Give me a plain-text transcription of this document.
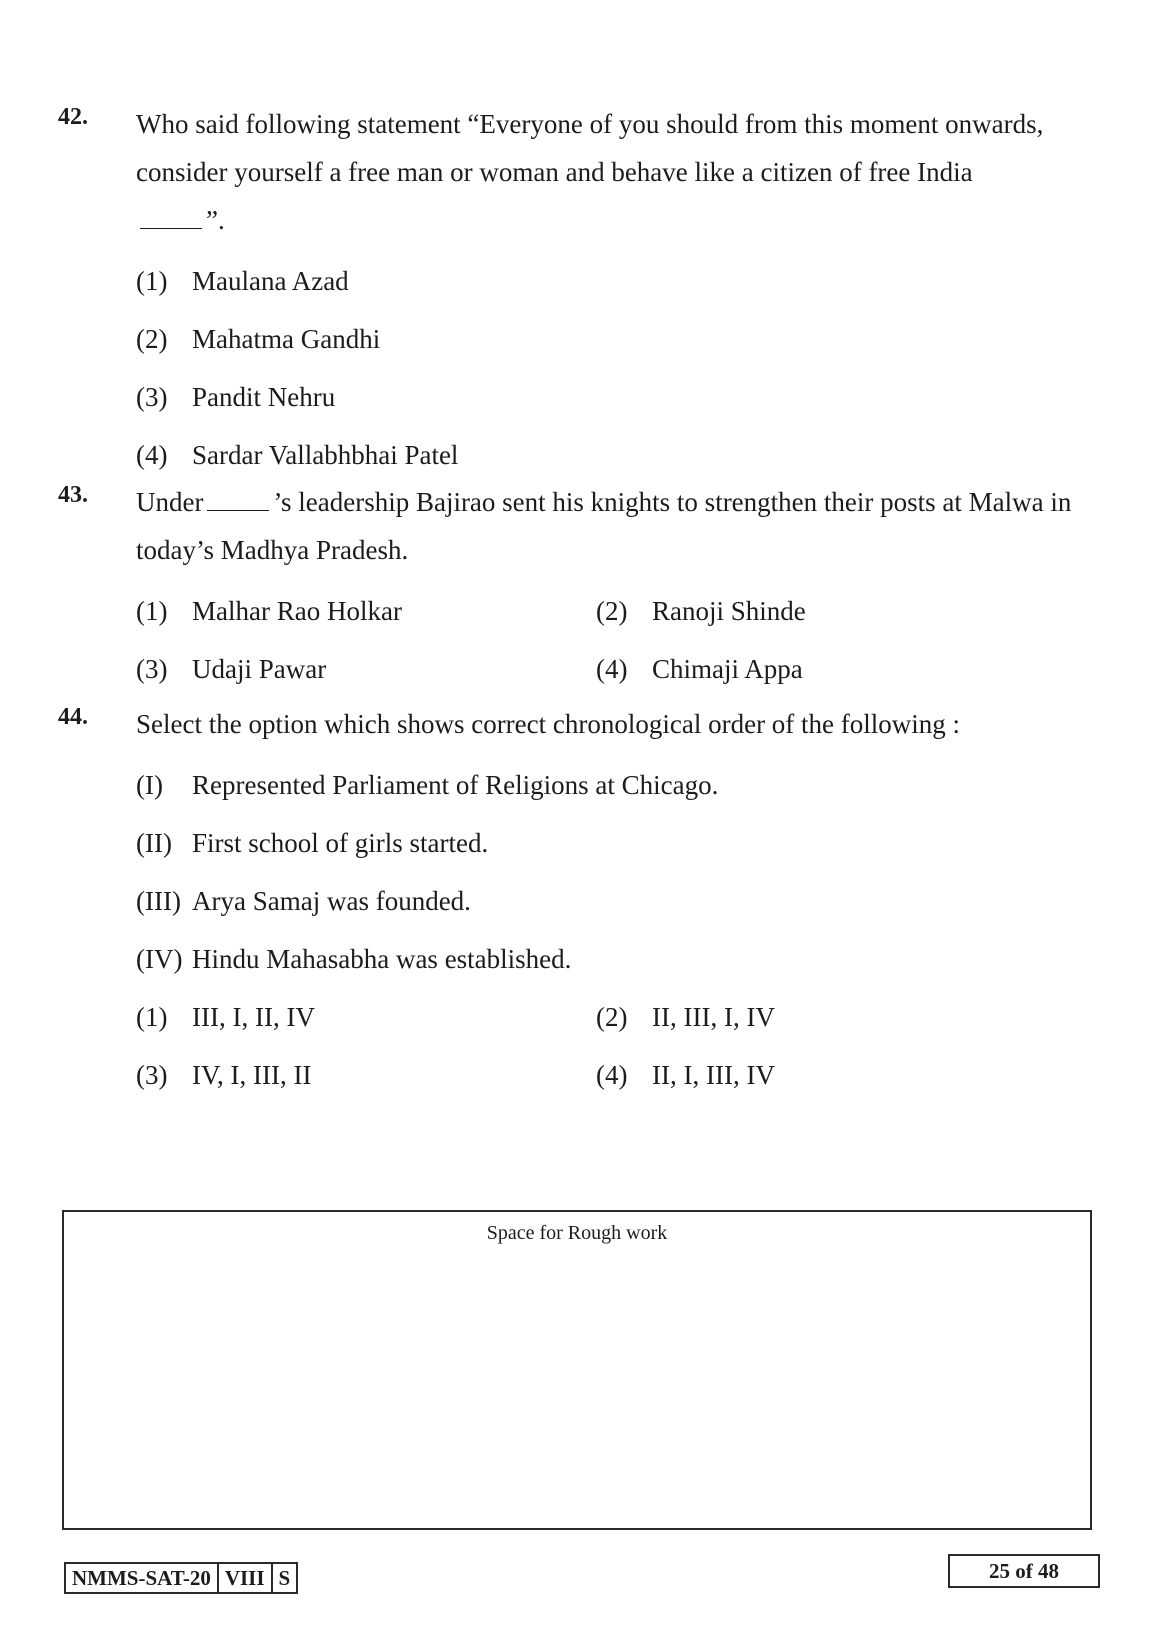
42. Who said following statement “Everyone of you should from this moment onwards, consider yourself a free man or woman and behave like a citizen of free India
”.
(1) Maulana Azad
(2) Mahatma Gandhi
(3) Pandit Nehru
(4) Sardar Vallabhbhai Patel
43. Under	’s leadership Bajirao sent his knights to strengthen their posts at Malwa in today’s Madhya Pradesh.
(1) Malhar Rao Holkar	(2) Ranoji Shinde
(3) Udaji Pawar	(4) Chimaji Appa
44. Select the option which shows correct chronological order of the following :
(I) Represented Parliament of Religions at Chicago.
(II) First school of girls started.
(III) Arya Samaj was founded.
(IV) Hindu Mahasabha was established.
(1) III, I, II, IV	(2) II, III, I, IV
(3) IV, I, III, II	(4) II, I, III, IV
Space for Rough work
NMMS-SAT-20 VIII S	25 of 48
